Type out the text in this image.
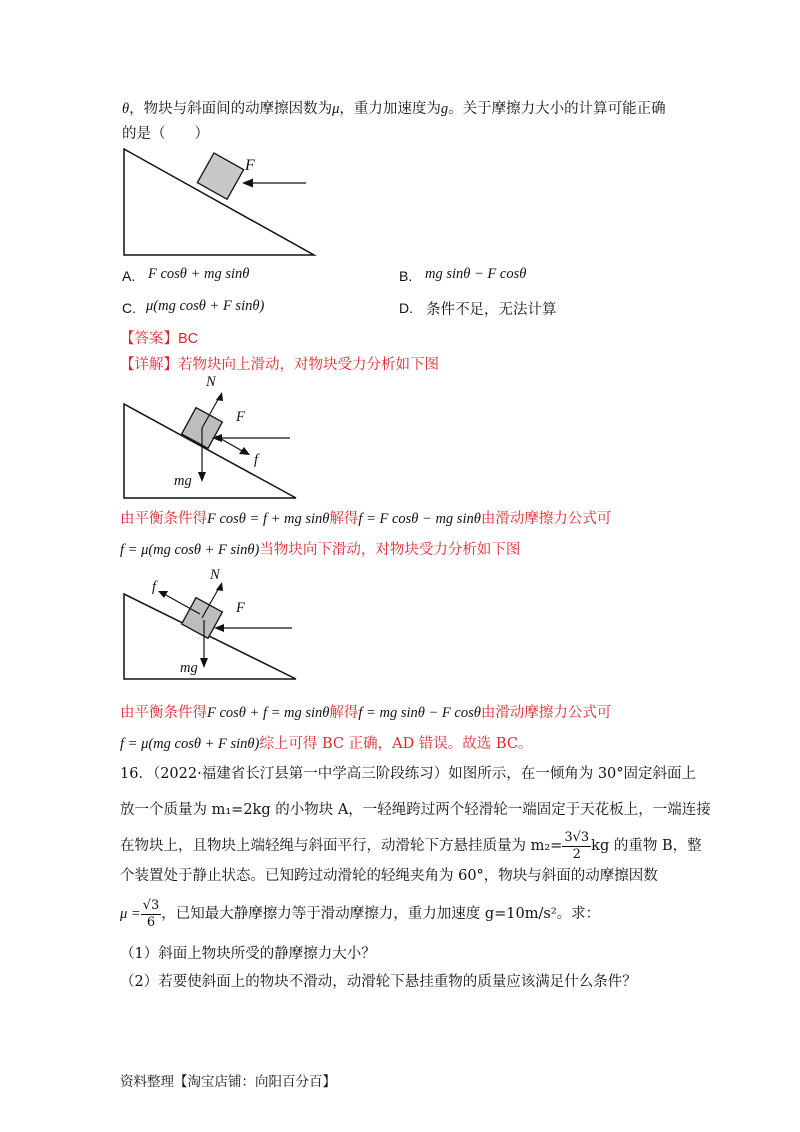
θ，物块与斜面间的动摩擦因数为μ，重力加速度为g。关于摩擦力大小的计算可能正确
的是（　　）
F
A. F cosθ + mg sinθ	B. mg sinθ − F cosθ
C. μ(mg cosθ + F sinθ)	D. 条件不足，无法计算
【答案】BC
【详解】若物块向上滑动，对物块受力分析如下图
N
F
f
mg
由平衡条件得F cosθ = f + mg sinθ解得f = F cosθ − mg sinθ由滑动摩擦力公式可
f = μ(mg cosθ + F sinθ)当物块向下滑动，对物块受力分析如下图
f
N
F
mg
由平衡条件得F cosθ + f = mg sinθ解得f = mg sinθ − F cosθ由滑动摩擦力公式可
f = μ(mg cosθ + F sinθ)综上可得 BC 正确，AD 错误。故选 BC。
16．（2022·福建省长汀县第一中学高三阶段练习）如图所示，在一倾角为 30°固定斜面上
放一个质量为 m₁=2kg 的小物块 A，一轻绳跨过两个轻滑轮一端固定于天花板上，一端连接
在物块上，且物块上端轻绳与斜面平行，动滑轮下方悬挂质量为 $m_2= \frac{3√3}{2}$ kg 的重物 B，整
个装置处于静止状态。已知跨过动滑轮的轻绳夹角为 60°，物块与斜面的动摩擦因数
$\mu = \frac{√3}{6}$ ，已知最大静摩擦力等于滑动摩擦力，重力加速度 g=10m/s²。求：
（1）斜面上物块所受的静摩擦力大小？
（2）若要使斜面上的物块不滑动，动滑轮下悬挂重物的质量应该满足什么条件？
资料整理【淘宝店铺：向阳百分百】
